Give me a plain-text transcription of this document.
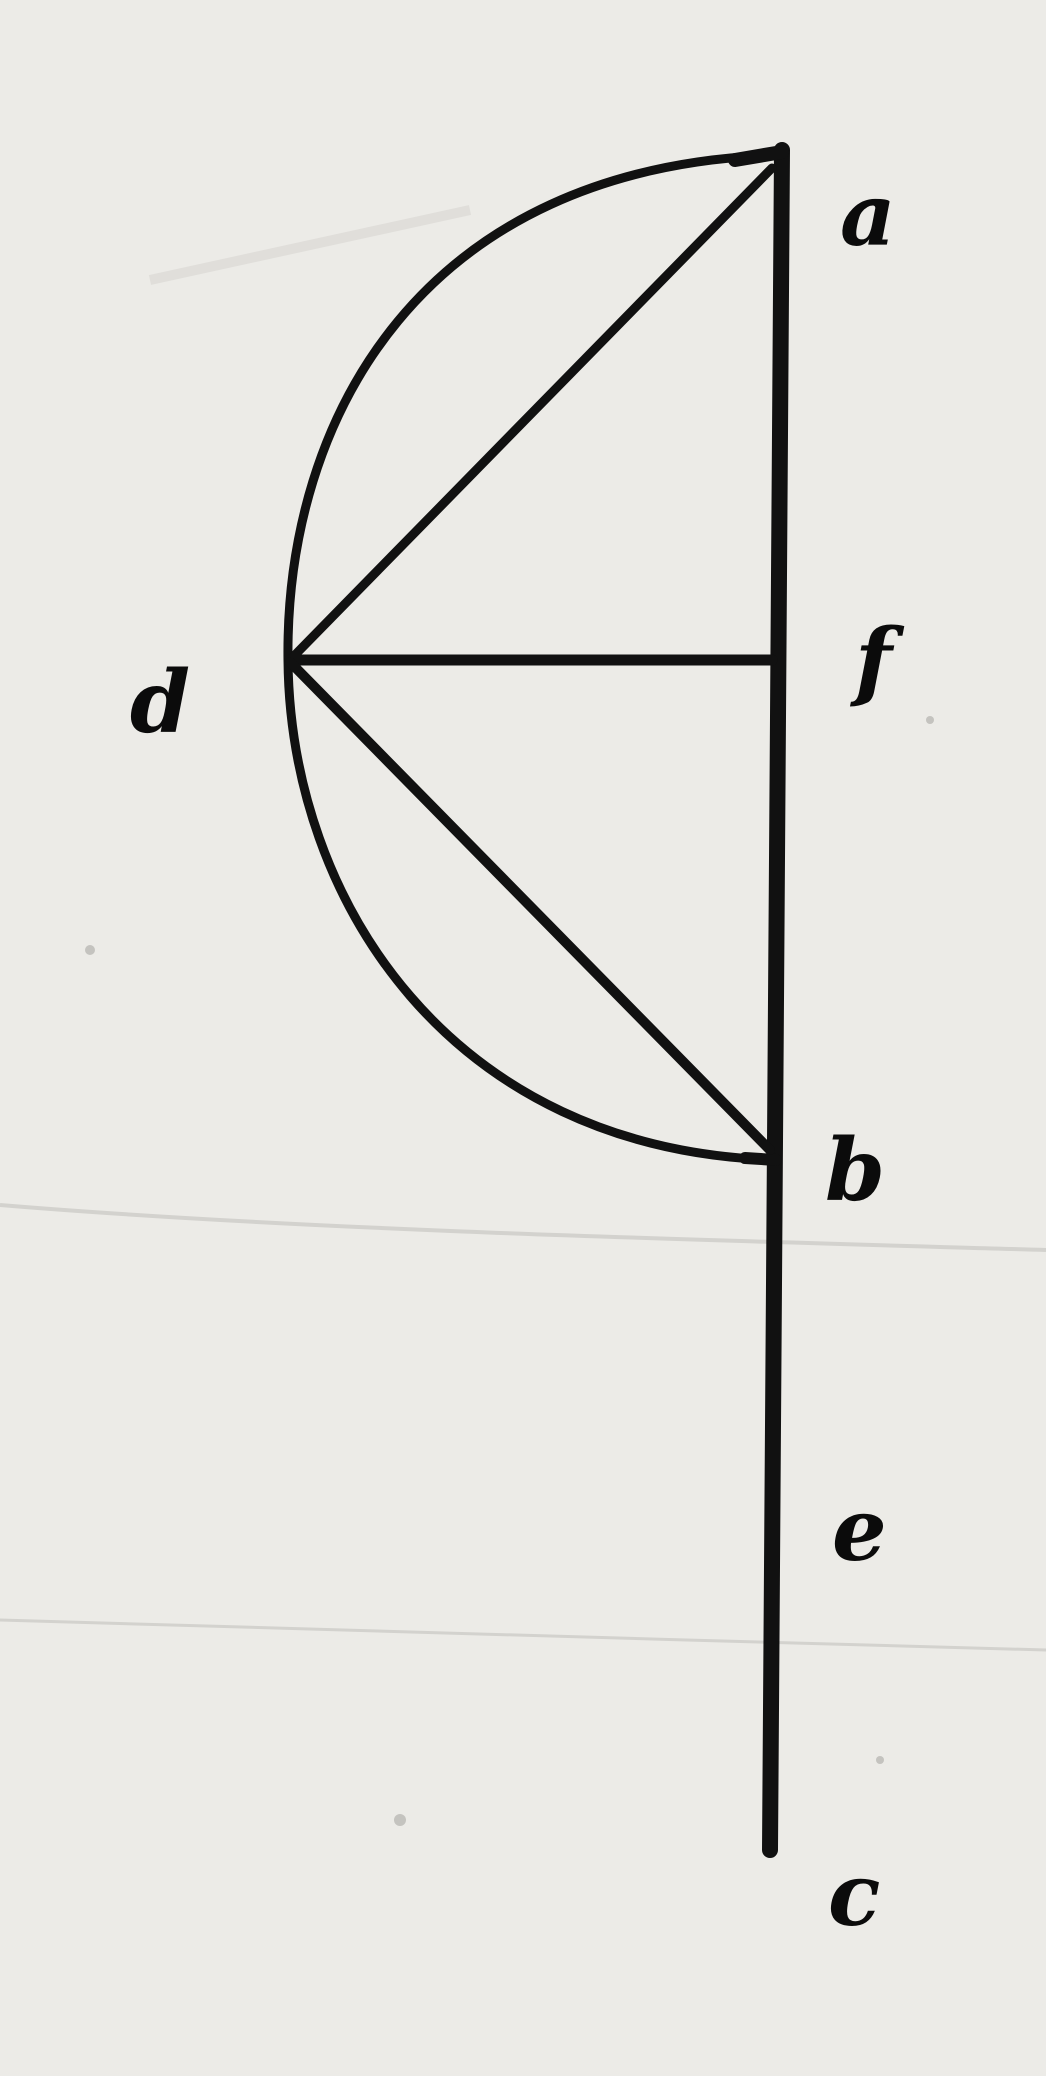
a
f
d
b
e
c
